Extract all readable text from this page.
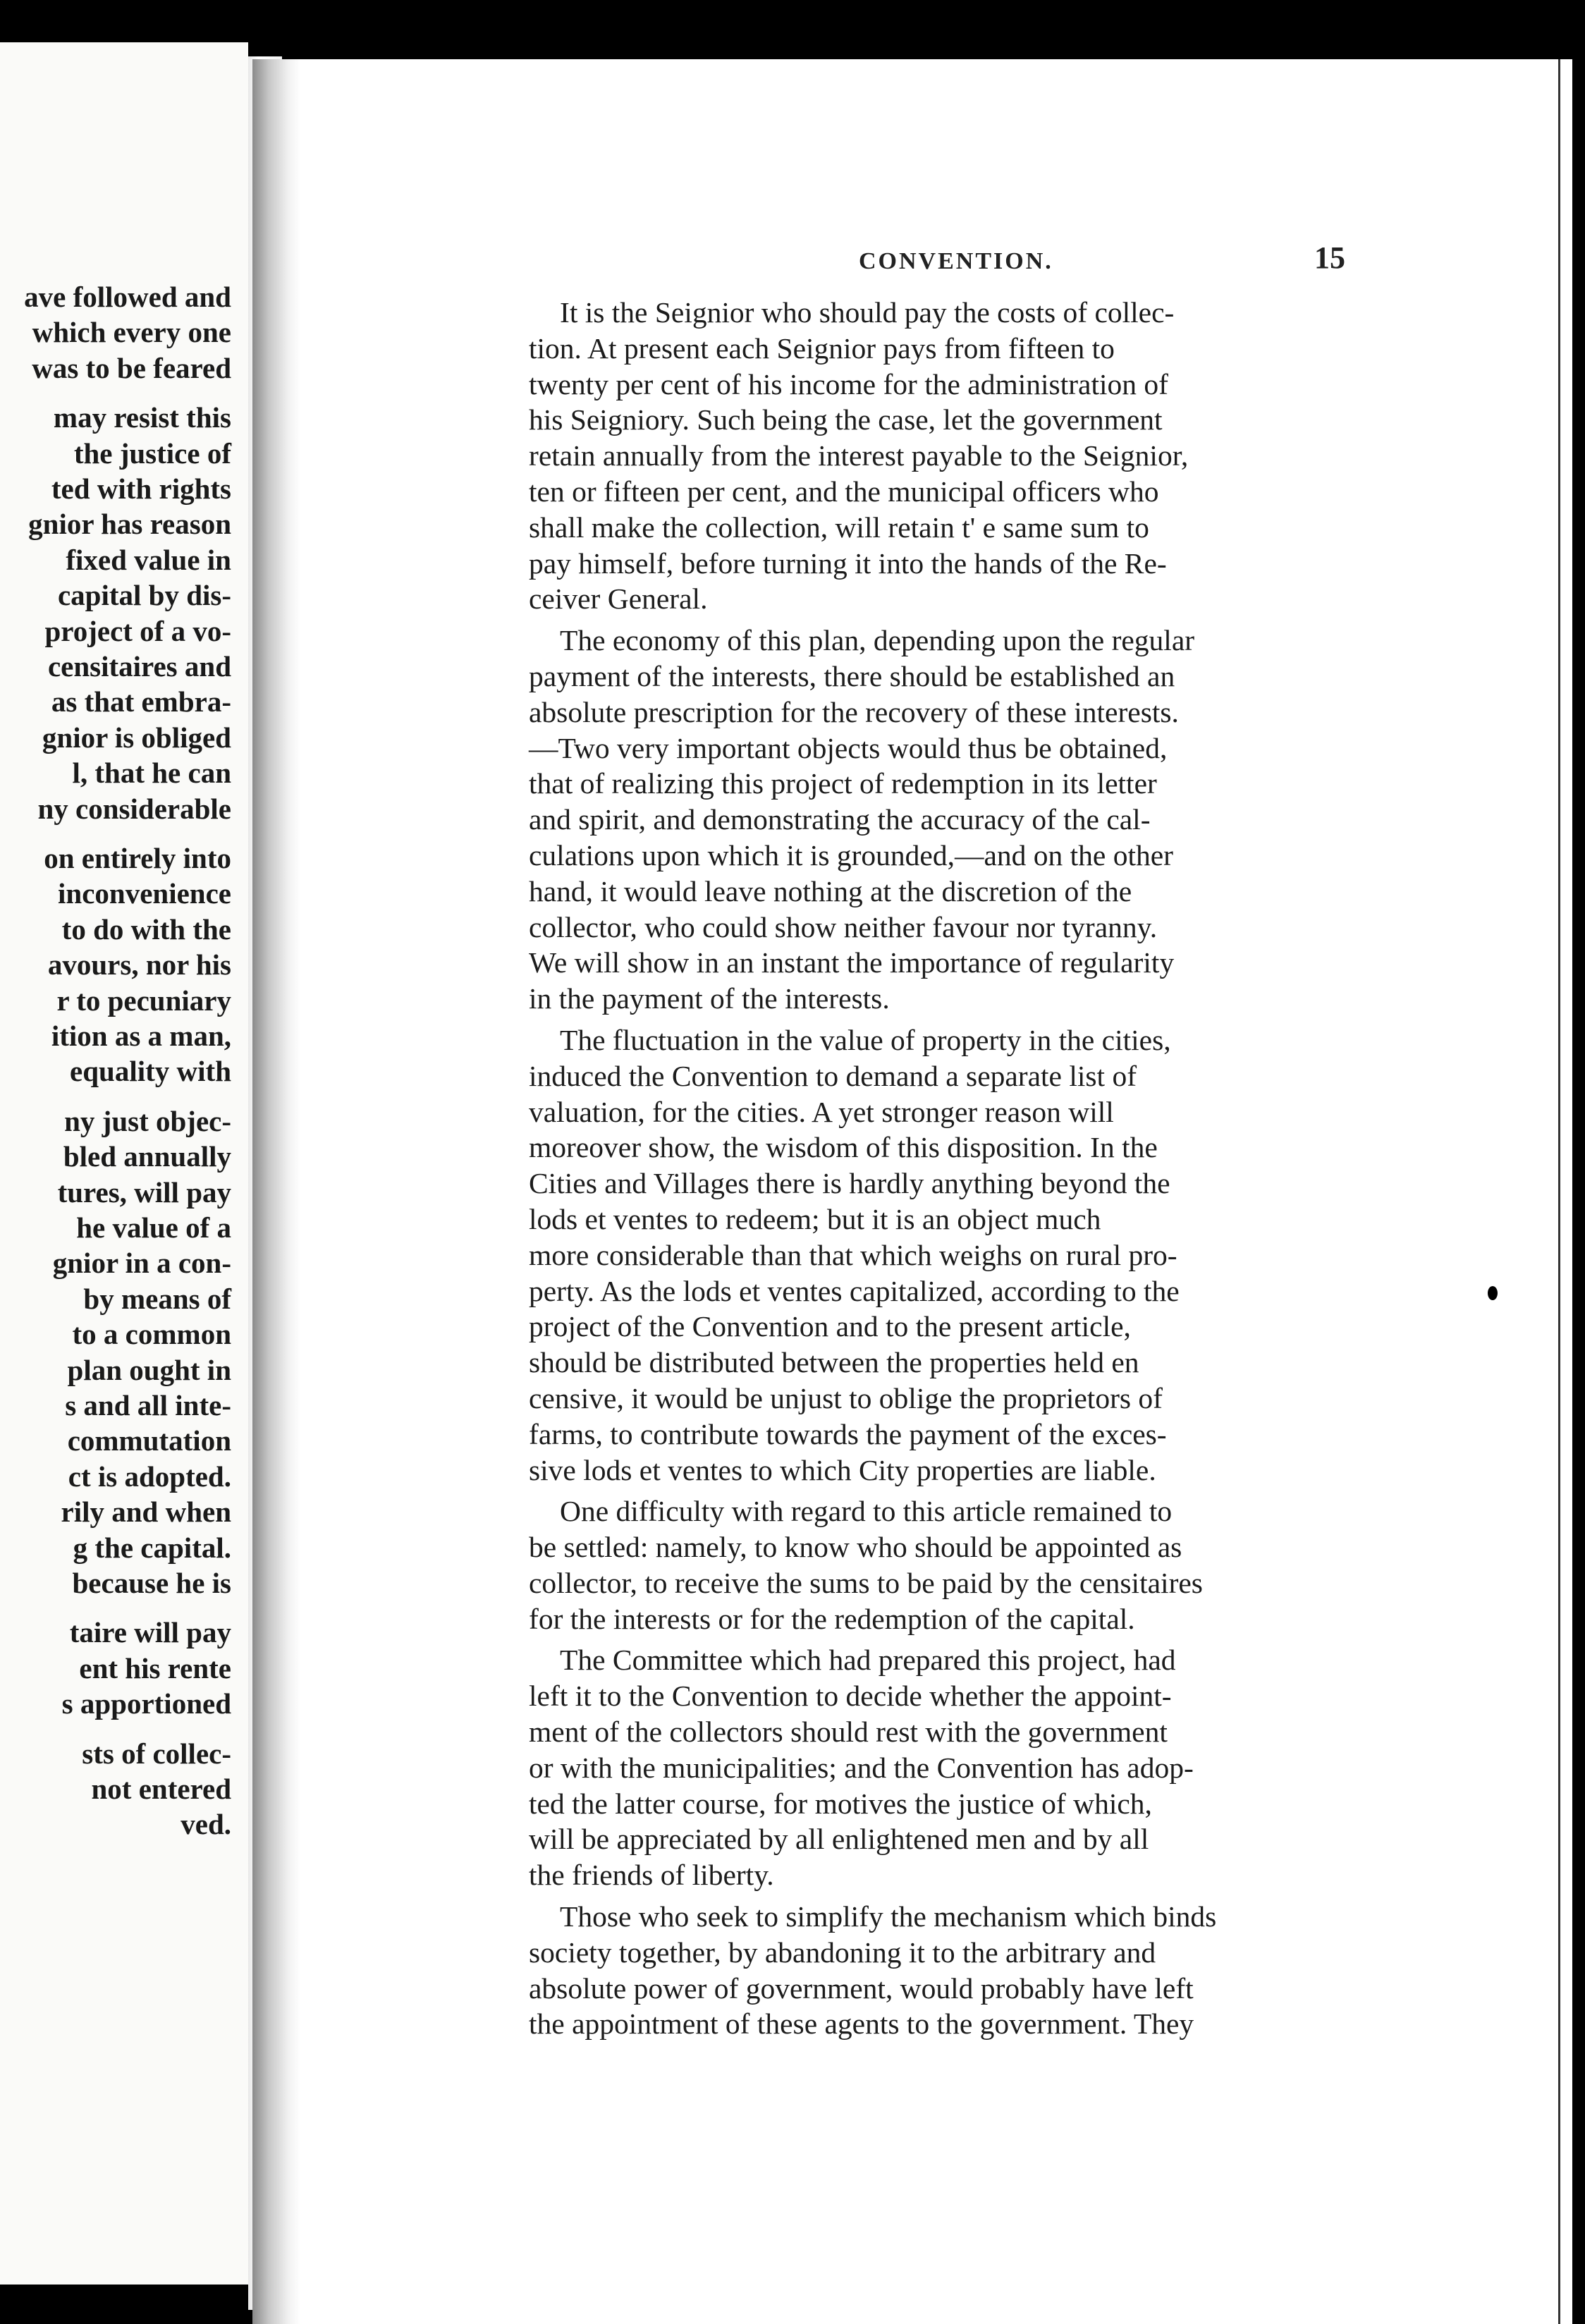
ave followed and
which every one
was to be feared
may resist this
the justice of
ted with rights
gnior has reason
fixed value in
capital by dis-
project of a vo-
censitaires and
as that embra-
gnior is obliged
l, that he can
ny considerable
on entirely into
inconvenience
to do with the
avours, nor his
r to pecuniary
ition as a man,
equality with
ny just objec-
bled annually
tures, will pay
he value of a
gnior in a con-
by means of
to a common
plan ought in
s and all inte-
commutation
ct is adopted.
rily and when
g the capital.
because he is
taire will pay
ent his rente
s apportioned
sts of collec-
not entered
ved.
CONVENTION.	15
It is the Seignior who should pay the costs of collec-
tion. At present each Seignior pays from fifteen to
twenty per cent of his income for the administration of
his Seigniory. Such being the case, let the government
retain annually from the interest payable to the Seignior,
ten or fifteen per cent, and the municipal officers who
shall make the collection, will retain t' e same sum to
pay himself, before turning it into the hands of the Re-
ceiver General.
The economy of this plan, depending upon the regular
payment of the interests, there should be established an
absolute prescription for the recovery of these interests.
—Two very important objects would thus be obtained,
that of realizing this project of redemption in its letter
and spirit, and demonstrating the accuracy of the cal-
culations upon which it is grounded,—and on the other
hand, it would leave nothing at the discretion of the
collector, who could show neither favour nor tyranny.
We will show in an instant the importance of regularity
in the payment of the interests.
The fluctuation in the value of property in the cities,
induced the Convention to demand a separate list of
valuation, for the cities. A yet stronger reason will
moreover show, the wisdom of this disposition. In the
Cities and Villages there is hardly anything beyond the
lods et ventes to redeem; but it is an object much
more considerable than that which weighs on rural pro-
perty. As the lods et ventes capitalized, according to the
project of the Convention and to the present article,
should be distributed between the properties held en
censive, it would be unjust to oblige the proprietors of
farms, to contribute towards the payment of the exces-
sive lods et ventes to which City properties are liable.
One difficulty with regard to this article remained to
be settled: namely, to know who should be appointed as
collector, to receive the sums to be paid by the censitaires
for the interests or for the redemption of the capital.
The Committee which had prepared this project, had
left it to the Convention to decide whether the appoint-
ment of the collectors should rest with the government
or with the municipalities; and the Convention has adop-
ted the latter course, for motives the justice of which,
will be appreciated by all enlightened men and by all
the friends of liberty.
Those who seek to simplify the mechanism which binds
society together, by abandoning it to the arbitrary and
absolute power of government, would probably have left
the appointment of these agents to the government. They
